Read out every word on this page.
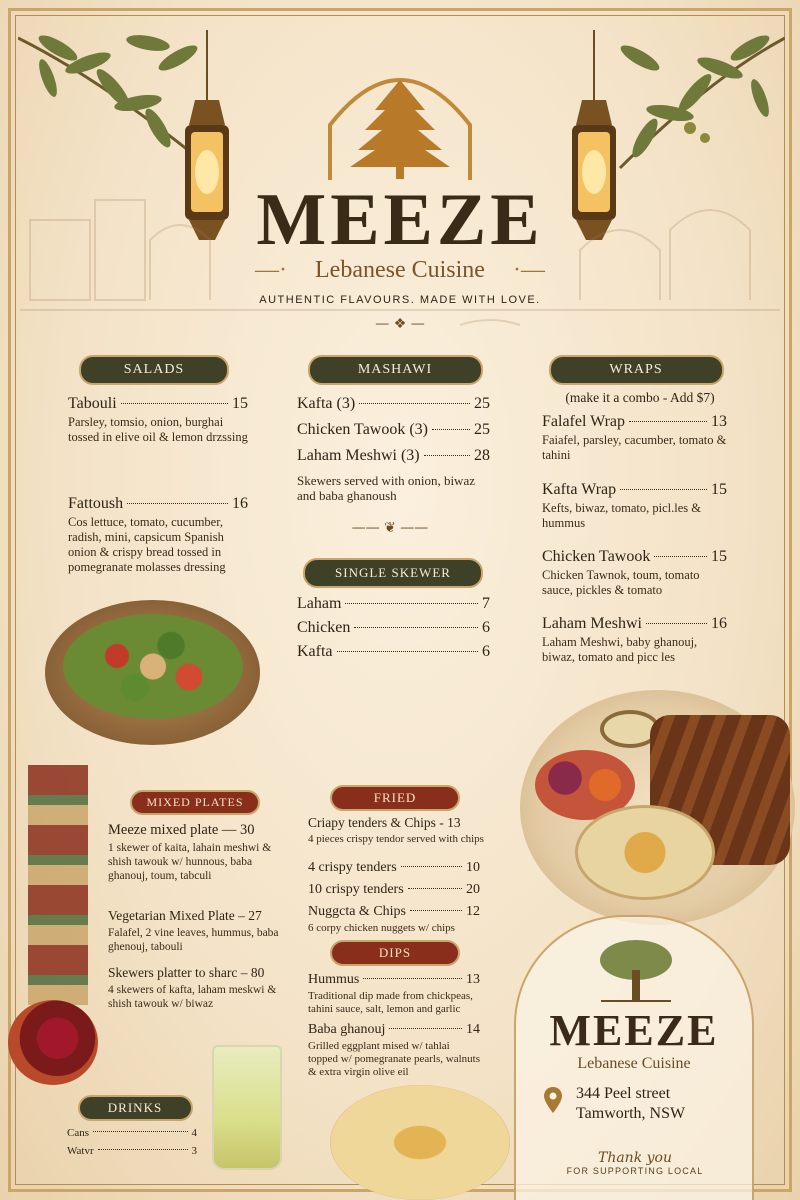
MEEZE
—· Lebanese Cuisine ·—
AUTHENTIC FLAVOURS. MADE WITH LOVE.
— ❖ —
SALADS
Tabouli	15
Parsley, tomsio, onion, burghai tossed in elive oil & lemon drzssing
Fattoush	16
Cos lettuce, tomato, cucumber, radish, mini, capsicum Spanish onion & crispy bread tossed in pomegranate molasses dressing
MASHAWI
Kafta (3)	25
Chicken Tawook (3)	25
Laham Meshwi (3)	28
Skewers served with onion, biwaz and baba ghanoush
—— ❦ ——
SINGLE SKEWER
Laham	7
Chicken	6
Kafta	6
WRAPS
(make it a combo - Add $7)
Falafel Wrap	13
Faiafel, parsley, cacumber, tomato & tahini
Kafta Wrap	15
Kefts, biwaz, tomato, picl.les & hummus
Chicken Tawook	15
Chicken Tawnok, toum, tomato sauce, pickles & tomato
Laham Meshwi	16
Laham Meshwi, baby ghanouj, biwaz, tomato and picc les
MIXED PLATES
Meeze mixed plate — 30
1 skewer of kaita, lahain meshwi & shish tawouk w/ hunnous, baba ghanouj, toum, tabculi
Vegetarian Mixed Plate – 27
Falafel, 2 vine leaves, hummus, baba ghenouj, tabouli
Skewers platter to sharc – 80
4 skewers of kafta, laham meskwi & shish tawouk w/ biwaz
FRIED
Criapy tenders & Chips - 13
4 pieces crispy tendor served with chips
4 crispy tenders	10
10 crispy tenders	20
Nuggcta & Chips	12
6 corpy chicken nuggets w/ chips
DIPS
Hummus	13
Traditional dip made from chickpeas, tahini sauce, salt, lemon and garlic
Baba ghanouj	14
Grilled eggplant mised w/ tahlai topped w/ pomegranate pearls, walnuts & extra virgin olive eil
DRINKS
Cans	4
Watvr	3
MEEZE
Lebanese Cuisine
344 Peel street
Tamworth, NSW
Thank you
FOR SUPPORTING LOCAL
